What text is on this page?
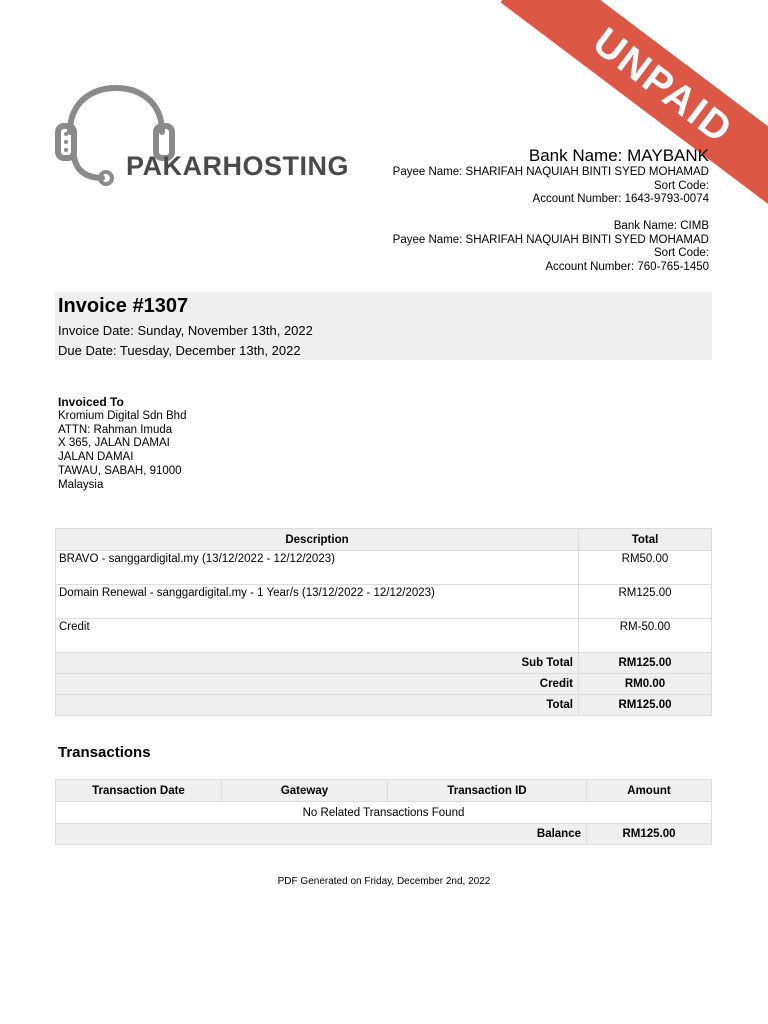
UNPAID
PAKARHOSTING	Bank Name: MAYBANK
Payee Name: SHARIFAH NAQUIAH BINTI SYED MOHAMAD
Sort Code:
Account Number: 1643-9793-0074
Bank Name: CIMB
Payee Name: SHARIFAH NAQUIAH BINTI SYED MOHAMAD
Sort Code:
Account Number: 760-765-1450
Invoice #1307
Invoice Date: Sunday, November 13th, 2022
Due Date: Tuesday, December 13th, 2022
Invoiced To
Kromium Digital Sdn Bhd
ATTN: Rahman Imuda
X 365, JALAN DAMAI
JALAN DAMAI
TAWAU, SABAH, 91000
Malaysia
Description	Total
BRAVO - sanggardigital.my (13/12/2022 - 12/12/2023)	RM50.00
Domain Renewal - sanggardigital.my - 1 Year/s (13/12/2022 - 12/12/2023)	RM125.00
Credit	RM-50.00
Sub Total	RM125.00
Credit	RM0.00
Total	RM125.00
Transactions
Transaction Date	Gateway	Transaction ID	Amount
No Related Transactions Found			
Balance			RM125.00
PDF Generated on Friday, December 2nd, 2022
